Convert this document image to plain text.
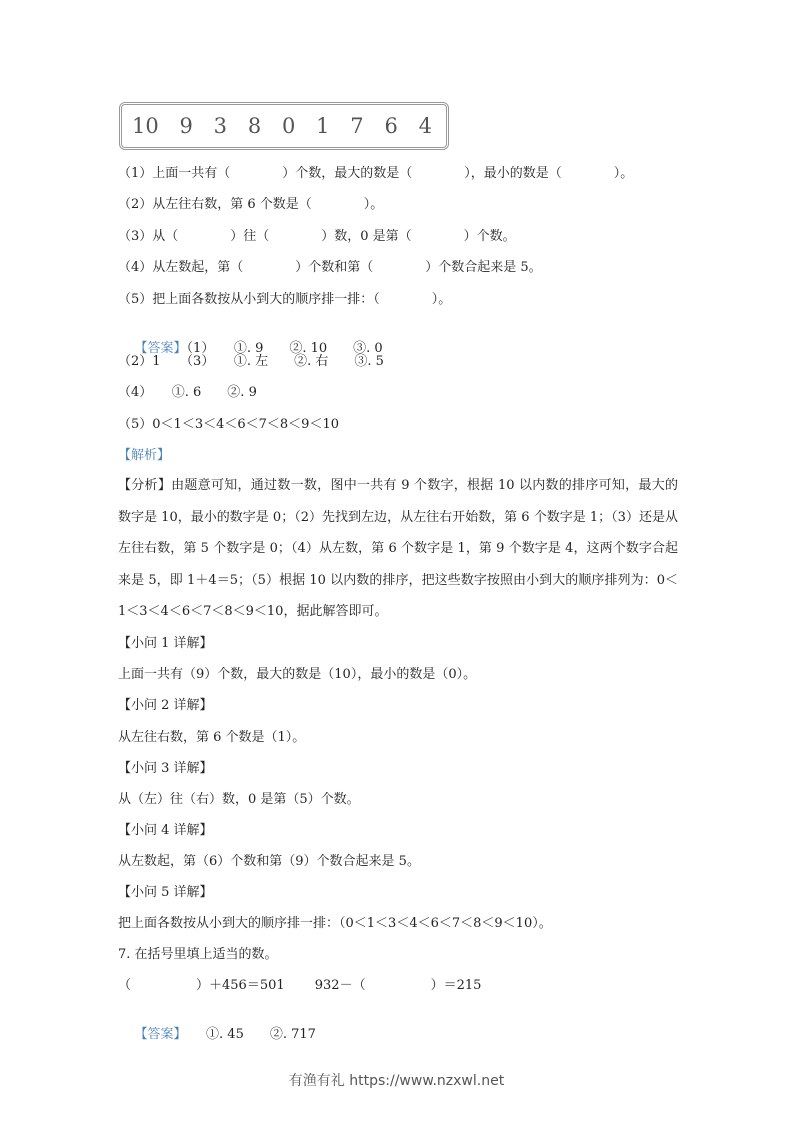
10 9 3 8 0 1 7 6 4
（1）上面一共有（　　　　）个数，最大的数是（　　　　），最小的数是（　　　　）。
（2）从左往右数，第 6 个数是（　　　　）。
（3）从（　　　　）往（　　　　）数，0 是第（　　　　）个数。
（4）从左数起，第（　　　　）个数和第（　　　　）个数合起来是 5。
（5）把上面各数按从小到大的顺序排一排：（　　　　）。

【答案】（1）　　①. 9　　②. 10　　③. 0

（2）1　　（3）　　①. 左　　②. 右　　③. 5
（4）　　①. 6　　②. 9
（5）0＜1＜3＜4＜6＜7＜8＜9＜10
【解析】
【分析】由题意可知，通过数一数，图中一共有 9 个数字，根据 10 以内数的排序可知，最大的数字是 10，最小的数字是 0；（2）先找到左边，从左往右开始数，第 6 个数字是 1；（3）还是从左往右数，第 5 个数字是 0；（4）从左数，第 6 个数字是 1，第 9 个数字是 4，这两个数字合起来是 5，即 1＋4＝5；（5）根据 10 以内数的排序，把这些数字按照由小到大的顺序排列为：0＜1＜3＜4＜6＜7＜8＜9＜10，据此解答即可。
【小问 1 详解】
上面一共有（9）个数，最大的数是（10），最小的数是（0）。
【小问 2 详解】
从左往右数，第 6 个数是（1）。
【小问 3 详解】
从（左）往（右）数，0 是第（5）个数。
【小问 4 详解】
从左数起，第（6）个数和第（9）个数合起来是 5。
【小问 5 详解】
把上面各数按从小到大的顺序排一排：（0＜1＜3＜4＜6＜7＜8＜9＜10）。
7. 在括号里填上适当的数。
（　　　　　）＋456＝501　　 932－（　　　　　）＝215

【答案】　　①. 45　　②. 717

有渔有礼 https://www.nzxwl.net
